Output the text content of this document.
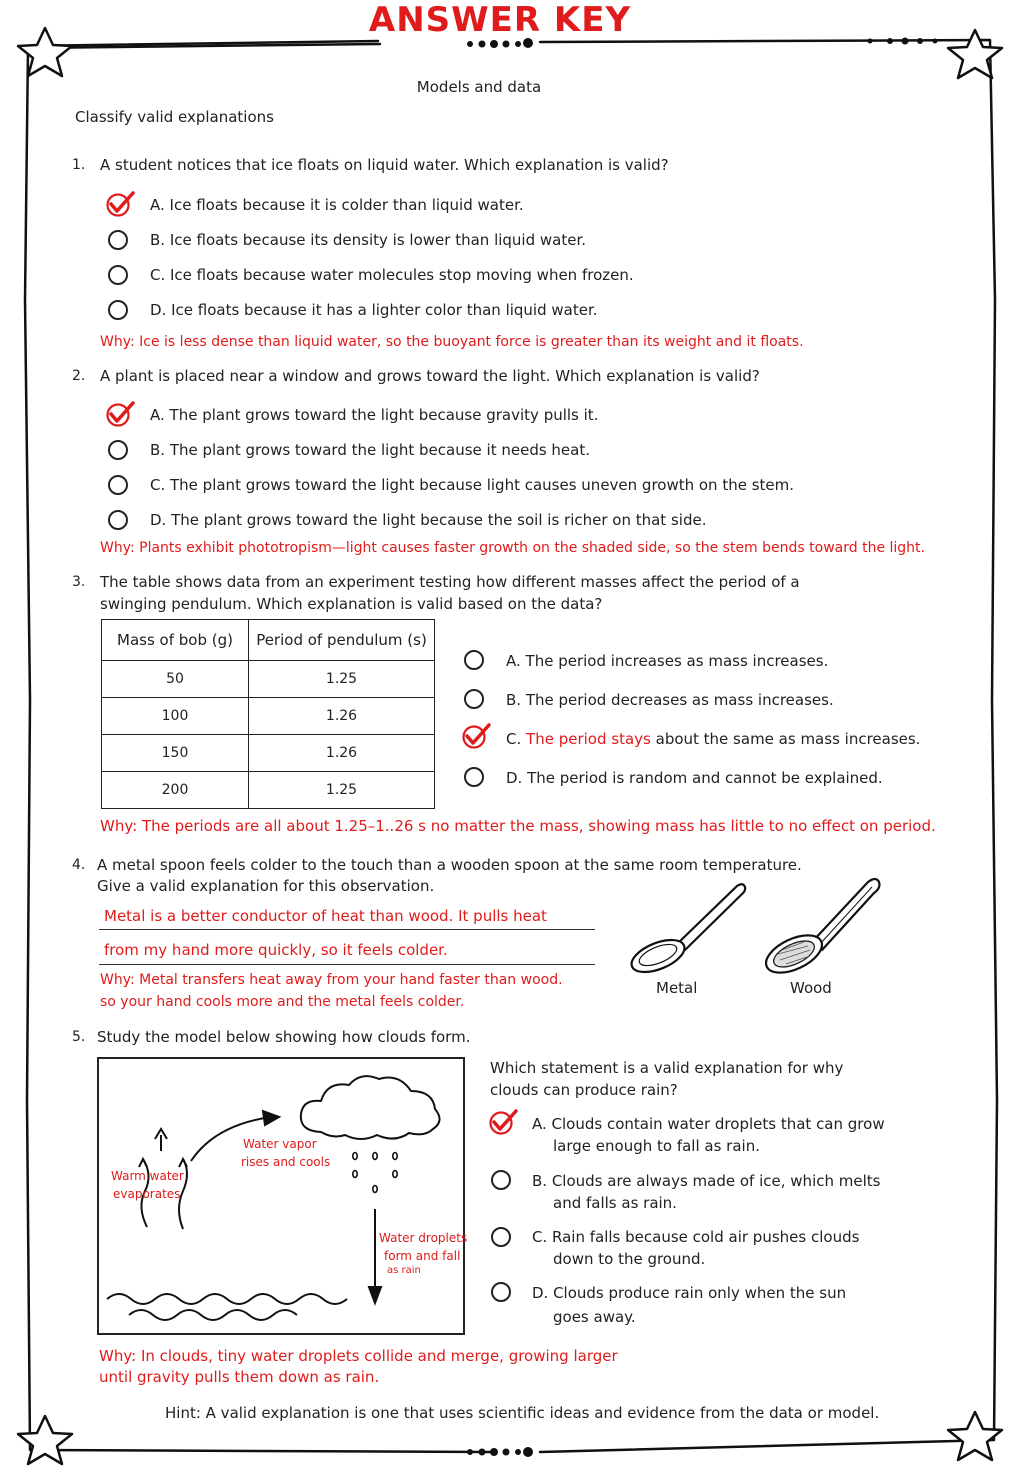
ANSWER KEY
Models and data
Classify valid explanations
1. A student notices that ice floats on liquid water. Which explanation is valid?
A. Ice floats because it is colder than liquid water.
B. Ice floats because its density is lower than liquid water.
C. Ice floats because water molecules stop moving when frozen.
D. Ice floats because it has a lighter color than liquid water.
Why: Ice is less dense than liquid water, so the buoyant force is greater than its weight and it floats.
2. A plant is placed near a window and grows toward the light. Which explanation is valid?
A. The plant grows toward the light because gravity pulls it.
B. The plant grows toward the light because it needs heat.
C. The plant grows toward the light because light causes uneven growth on the stem.
D. The plant grows toward the light because the soil is richer on that side.
Why: Plants exhibit phototropism—light causes faster growth on the shaded side, so the stem bends toward the light.
3. The table shows data from an experiment testing how different masses affect the period of a
swinging pendulum. Which explanation is valid based on the data?
Mass of bob (g)	Period of pendulum (s)
50	1.25
100	1.26
150	1.26
200	1.25
A. The period increases as mass increases.
B. The period decreases as mass increases.
C. The period stays about the same as mass increases.
D. The period is random and cannot be explained.
Why: The periods are all about 1.25–1..26 s no matter the mass, showing mass has little to no effect on period.
4. A metal spoon feels colder to the touch than a wooden spoon at the same room temperature.
Give a valid explanation for this observation.
Metal is a better conductor of heat than wood. It pulls heat
from my hand more quickly, so it feels colder.
Why: Metal transfers heat away from your hand faster than wood.
so your hand cools more and the metal feels colder.
Metal	Wood
5. Study the model below showing how clouds form.
Water vapor
rises and cools
Warm water
evaporates
Water droplets
form and fall
as rain
Which statement is a valid explanation for why
clouds can produce rain?
A. Clouds contain water droplets that can grow
large enough to fall as rain.
B. Clouds are always made of ice, which melts
and falls as rain.
C. Rain falls because cold air pushes clouds
down to the ground.
D. Clouds produce rain only when the sun
goes away.
Why: In clouds, tiny water droplets collide and merge, growing larger
until gravity pulls them down as rain.
Hint: A valid explanation is one that uses scientific ideas and evidence from the data or model.
